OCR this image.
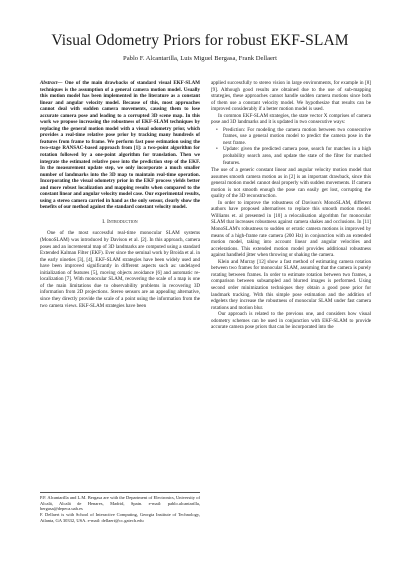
Visual Odometry Priors for robust EKF-SLAM
Pablo F. Alcantarilla, Luis Miguel Bergasa, Frank Dellaert

Abstract— One of the main drawbacks of standard visual EKF-SLAM techniques is the assumption of a general camera motion model. Usually this motion model has been implemented in the literature as a constant linear and angular velocity model. Because of this, most approaches cannot deal with sudden camera movements, causing them to lose accurate camera pose and leading to a corrupted 3D scene map. In this work we propose increasing the robustness of EKF-SLAM techniques by replacing the general motion model with a visual odometry prior, which provides a real-time relative pose prior by tracking many hundreds of features from frame to frame. We perform fast pose estimation using the two-stage RANSAC-based approach from [1]: a two-point algorithm for rotation followed by a one-point algorithm for translation. Then we integrate the estimated relative pose into the prediction step of the EKF. In the measurement update step, we only incorporate a much smaller number of landmarks into the 3D map to maintain real-time operation. Incorporating the visual odometry prior in the EKF process yields better and more robust localization and mapping results when compared to the constant linear and angular velocity model case. Our experimental results, using a stereo camera carried in hand as the only sensor, clearly show the benefits of our method against the standard constant velocity model.

I. Introduction

One of the most successful real-time monocular SLAM systems (MonoSLAM) was introduced by Davison et al. [2]. In this approach, camera poses and an incremental map of 3D landmarks are computed using a standard Extended Kalman Filter (EKF). Ever since the seminal work by Broida et al. in the early nineties [3], [4], EKF-SLAM strategies have been widely used and have been improved significantly in different aspects such as: undelayed initialization of features [5], moving objects avoidance [6] and automatic re-localization [7]. With monocular SLAM, recovering the scale of a map is one of the main limitations due to observability problems in recovering 3D information from 2D projections. Stereo sensors are an appealing alternative, since they directly provide the scale of a point using the information from the two camera views. EKF-SLAM strategies have been

P.F. Alcantarilla and L.M. Bergasa are with the Department of Electronics, University of Alcalá, Alcalá de Henares, Madrid, Spain. e-mail: pablo.alcantarilla, bergasa@depeca.uah.es

F. Dellaert is with School of Interactive Computing, Georgia Institute of Technology, Atlanta, GA 30332, USA. e-mail: dellaert@cc.gatech.edu

applied successfully to stereo vision in large environments, for example in [8][9]. Although good results are obtained due to the use of sub-mapping strategies, these approaches cannot handle sudden camera motions since both of them use a constant velocity model. We hypothesize that results can be improved considerably if a better motion model is used.

In common EKF-SLAM strategies, the state vector X comprises of camera pose and 3D landmarks and it is updated in two consecutive ways:

• Prediction: For modeling the camera motion between two consecutive frames, use a general motion model to predict the camera pose in the next frame.
• Update: given the predicted camera pose, search for matches in a high probability search area, and update the state of the filter for matched features.

The use of a generic constant linear and angular velocity motion model that assumes smooth camera motion as in [2] is an important drawback, since this general motion model cannot deal properly with sudden movements. If camera motion is not smooth enough the pose can easily get lost, corrupting the quality of the 3D reconstruction.

In order to improve the robustness of Davison's MonoSLAM, different authors have proposed alternatives to replace this smooth motion model. Williams et. al presented in [10] a relocalisation algorithm for monocular SLAM that increases robustness against camera shakes and occlusions. In [11] MonoSLAM's robustness to sudden or erratic camera motions is improved by means of a high-frame rate camera (200 Hz) in conjunction with an extended motion model, taking into account linear and angular velocities and accelerations. This extended motion model provides additional robustness against handheld jitter when throwing or shaking the camera.

Klein and Murray [12] show a fast method of estimating camera rotation between two frames for monocular SLAM, assuming that the camera is purely rotating between frames. In order to estimate rotation between two frames, a comparison between subsampled and blurred images is performed. Using second order minimization techniques they obtain a good pose prior for landmark tracking. With this simple pose estimation and the addition of edgelets they increase the robustness of monocular SLAM under fast camera rotations and motion blur.

Our approach is related to the previous one, and considers how visual odometry schemes can be used in conjunction with EKF-SLAM to provide accurate camera pose priors that can be incorporated into the
